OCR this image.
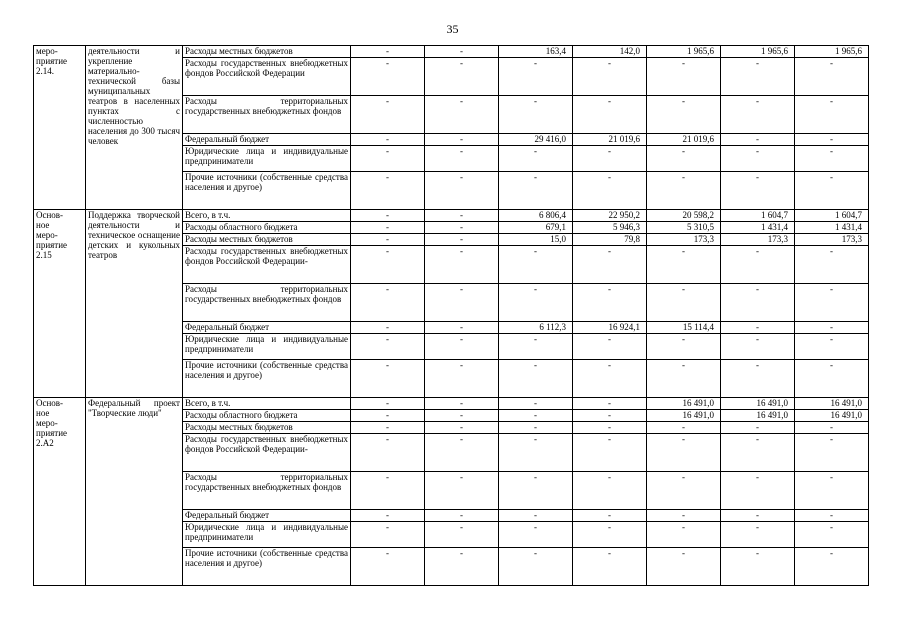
35
меро-
приятие
2.14.	деятельности и укрепление материально-технической базы муниципальных театров в населенных пунктах с численностью населения до 300 тысяч человек	Расходы местных бюджетов	-	-	163,4	142,0	1 965,6	1 965,6	1 965,6
		Расходы государственных внебюджетных фондов Российской Федерации	-	-	-	-	-	-	-
		Расходы территориальных государственных внебюджетных фондов	-	-	-	-	-	-	-
		Федеральный бюджет	-	-	29 416,0	21 019,6	21 019,6	-	-
		Юридические лица и индивидуальные предприниматели	-	-	-	-	-	-	-
		Прочие источники (собственные средства населения и другое)	-	-	-	-	-	-	-
Основ-
ное
меро-
приятие
2.15	Поддержка творческой деятельности и техническое оснащение детских и кукольных театров	Всего, в т.ч.	-	-	6 806,4	22 950,2	20 598,2	1 604,7	1 604,7
		Расходы областного бюджета	-	-	679,1	5 946,3	5 310,5	1 431,4	1 431,4
		Расходы местных бюджетов	-	-	15,0	79,8	173,3	173,3	173,3
		Расходы государственных внебюджетных фондов Российской Федерации-	-	-	-	-	-	-	-
		Расходы территориальных государственных внебюджетных фондов	-	-	-	-	-	-	-
		Федеральный бюджет	-	-	6 112,3	16 924,1	15 114,4	-	-
		Юридические лица и индивидуальные предприниматели	-	-	-	-	-	-	-
		Прочие источники (собственные средства населения и другое)	-	-	-	-	-	-	-
Основ-
ное
меро-
приятие
2.А2	Федеральный проект "Творческие люди"	Всего, в т.ч.	-	-	-	-	16 491,0	16 491,0	16 491,0
		Расходы областного бюджета	-	-	-	-	16 491,0	16 491,0	16 491,0
		Расходы местных бюджетов	-	-	-	-	-	-	-
		Расходы государственных внебюджетных фондов Российской Федерации-	-	-	-	-	-	-	-
		Расходы территориальных государственных внебюджетных фондов	-	-	-	-	-	-	-
		Федеральный бюджет	-	-	-	-	-	-	-
		Юридические лица и индивидуальные предприниматели	-	-	-	-	-	-	-
		Прочие источники (собственные средства населения и другое)	-	-	-	-	-	-	-
